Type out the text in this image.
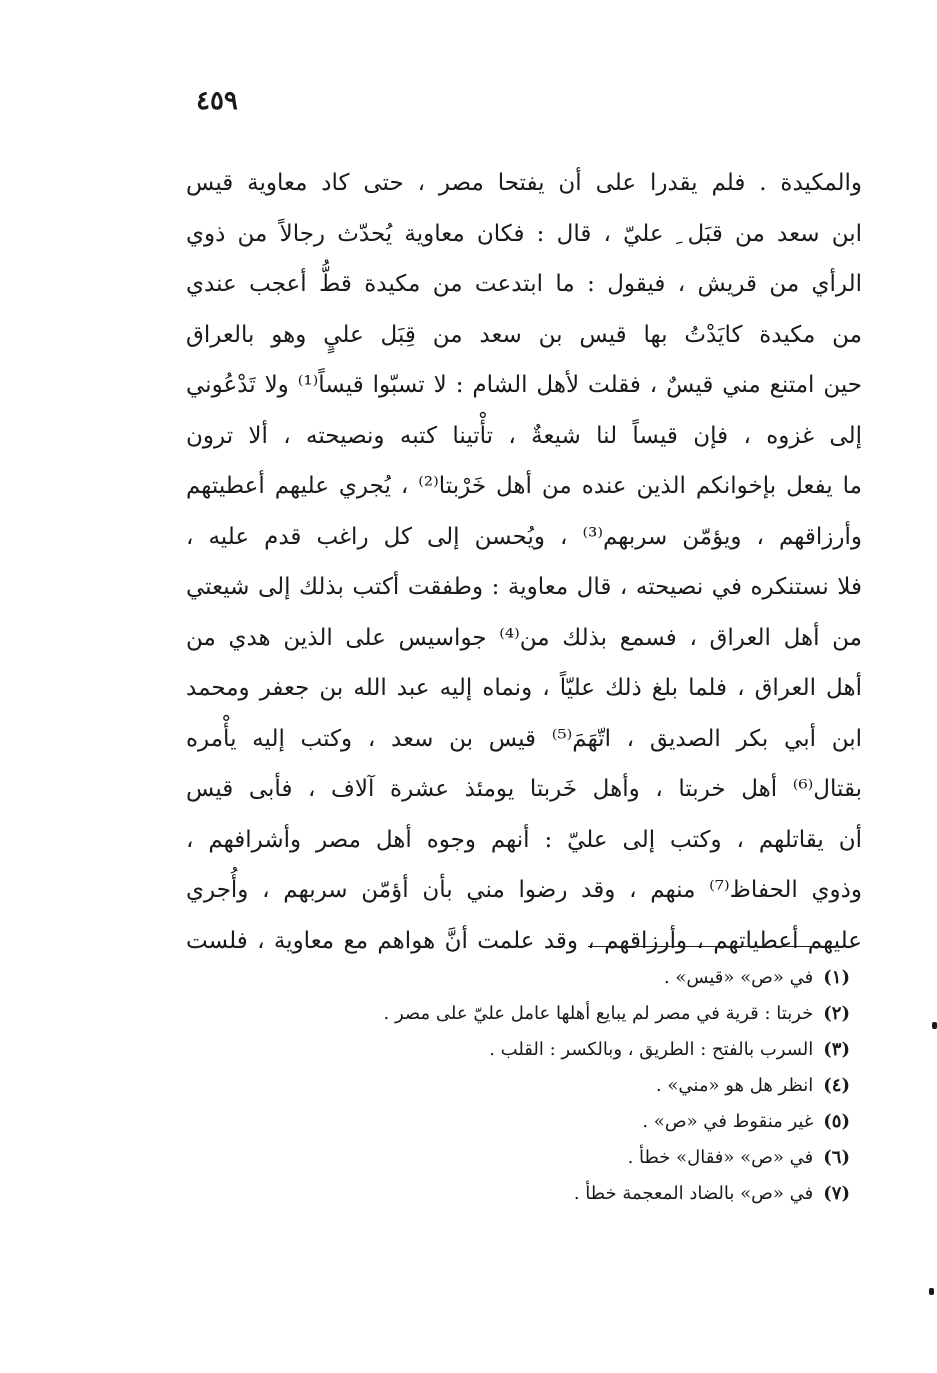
٤٥٩
والمكيدة . فلم يقدرا على أن يفتحا مصر ، حتى كاد معاوية قيس
ابن سعد من قبَل ِ عليّ ، قال : فكان معاوية يُحدّث رجالاً من ذوي
الرأي من قريش ، فيقول : ما ابتدعت من مكيدة قطُّ أعجب عندي
من مكيدة كايَدْتُ بها قيس بن سعد من قِبَل عليٍ وهو بالعراق
حين امتنع مني قيسٌ ، فقلت لأهل الشام : لا تسبّوا قيساً⁽¹⁾ ولا تَدْعُوني
إلى غزوه ، فإن قيساً لنا شيعةٌ ، تأْتينا كتبه ونصيحته ، ألا ترون
ما يفعل بإخوانكم الذين عنده من أهل خَرْبتا⁽²⁾ ، يُجري عليهم أعطيتهم
وأرزاقهم ، ويؤمّن سربهم⁽³⁾ ، ويُحسن إلى كل راغب قدم عليه ،
فلا نستنكره في نصيحته ، قال معاوية : وطفقت أكتب بذلك إلى شيعتي
من أهل العراق ، فسمع بذلك من⁽⁴⁾ جواسيس على الذين هدي من
أهل العراق ، فلما بلغ ذلك عليّاً ، ونماه إليه عبد الله بن جعفر ومحمد
ابن أبي بكر الصديق ، اتّهَمَ⁽⁵⁾ قيس بن سعد ، وكتب إليه يأْمره
بقتال⁽⁶⁾ أهل خربتا ، وأهل خَربتا يومئذ عشرة آلاف ، فأبى قيس
أن يقاتلهم ، وكتب إلى عليّ : أنهم وجوه أهل مصر وأشرافهم ،
وذوي الحفاظ⁽⁷⁾ منهم ، وقد رضوا مني بأن أؤمّن سربهم ، وأُجري
عليهم أعطياتهم ، وأرزاقهم ، وقد علمت أنَّ هواهم مع معاوية ، فلست
(١)في «ص» «قيس» .
(٢)خربتا : قرية في مصر لم يبايع أهلها عامل عليّ على مصر .
(٣)السرب بالفتح : الطريق ، وبالكسر : القلب .
(٤)انظر هل هو «مني» .
(٥)غير منقوط في «ص» .
(٦)في «ص» «فقال» خطأ .
(٧)في «ص» بالضاد المعجمة خطأ .
